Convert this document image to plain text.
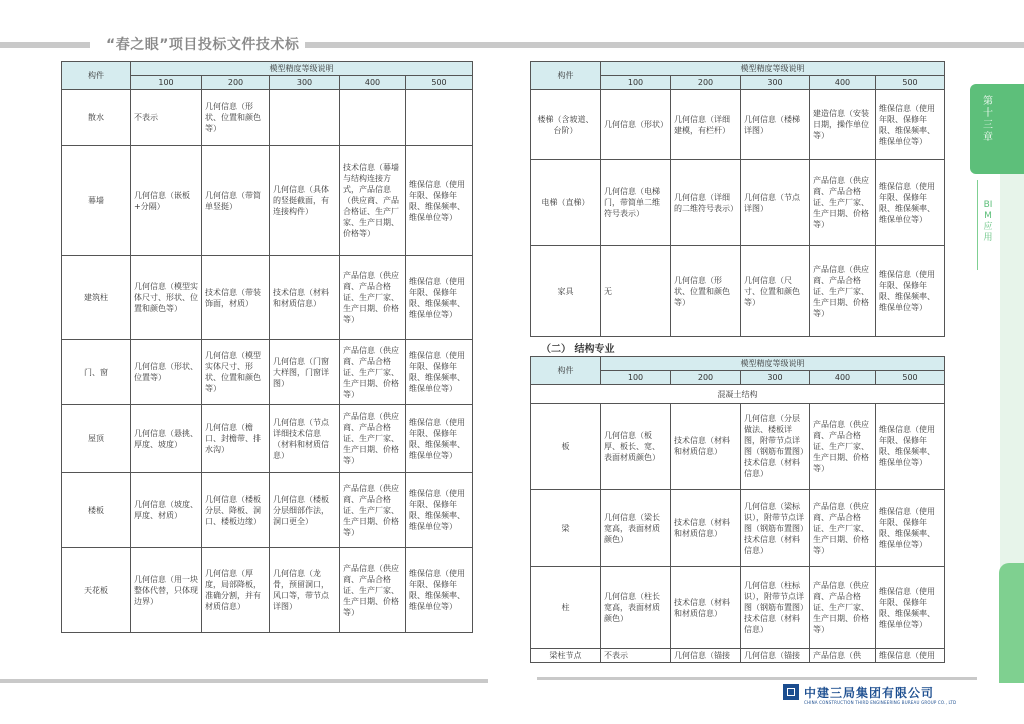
“春之眼”项目投标文件技术标
构件	模型精度等级说明				
	100	200	300	400	500
散水	不表示	几何信息（形状、位置和颜色等）			
幕墙	几何信息（嵌板+分隔）	几何信息（带简单竖挺）	几何信息（具体的竖挺截面，有连接构件）	技术信息（幕墙与结构连接方式，产品信息（供应商、产品合格证、生产厂家、生产日期、价格等）	维保信息（使用年限、保修年限、维保频率、维保单位等）
建筑柱	几何信息（模型实体尺寸、形状、位置和颜色等）	技术信息（带装饰面，材质）	技术信息（材料和材质信息）	产品信息（供应商、产品合格证、生产厂家、生产日期、价格等）	维保信息（使用年限、保修年限、维保频率、维保单位等）
门、窗	几何信息（形状、位置等）	几何信息（模型实体尺寸、形状、位置和颜色等）	几何信息（门窗大样图，门窗详图）	产品信息（供应商、产品合格证、生产厂家、生产日期、价格等）	维保信息（使用年限、保修年限、维保频率、维保单位等）
屋顶	几何信息（悬挑、厚度、坡度）	几何信息（檐口、封檐带、排水沟）	几何信息（节点详细技术信息（材料和材质信息）	产品信息（供应商、产品合格证、生产厂家、生产日期、价格等）	维保信息（使用年限、保修年限、维保频率、维保单位等）
楼板	几何信息（坡度、厚度、材质）	几何信息（楼板分层、降板、洞口、楼板边缘）	几何信息（楼板分层细部作法，洞口更全）	产品信息（供应商、产品合格证、生产厂家、生产日期、价格等）	维保信息（使用年限、保修年限、维保频率、维保单位等）
天花板	几何信息（用一块整体代替，只体现边界）	几何信息（厚度，局部降板，准确分割，并有材质信息）	几何信息（龙骨，预留洞口，风口等，带节点详图）	产品信息（供应商、产品合格证、生产厂家、生产日期、价格等）	维保信息（使用年限、保修年限、维保频率、维保单位等）
构件	模型精度等级说明				
	100	200	300	400	500
楼梯（含坡道、台阶）	几何信息（形状）	几何信息（详细建模，有栏杆）	几何信息（楼梯详图）	建造信息（安装日期，操作单位等）	维保信息（使用年限、保修年限、维保频率、维保单位等）
电梯（直梯）	几何信息（电梯门，带简单二维符号表示）	几何信息（详细的二维符号表示）	几何信息（节点详图）	产品信息（供应商、产品合格证、生产厂家、生产日期、价格等）	维保信息（使用年限、保修年限、维保频率、维保单位等）
家具	无	几何信息（形状、位置和颜色等）	几何信息（尺寸、位置和颜色等）	产品信息（供应商、产品合格证、生产厂家、生产日期、价格等）	维保信息（使用年限、保修年限、维保频率、维保单位等）
（二） 结构专业
构件	模型精度等级说明				
	100	200	300	400	500
混凝土结构					
板	几何信息（板厚、板长、宽、表面材质颜色）	技术信息（材料和材质信息）	几何信息（分层做法、楼板详图，附带节点详图（钢筋布置图）技术信息（材料信息）	产品信息（供应商、产品合格证、生产厂家、生产日期、价格等）	维保信息（使用年限、保修年限、维保频率、维保单位等）
梁	几何信息（梁长宽高，表面材质颜色）	技术信息（材料和材质信息）	几何信息（梁标识），附带节点详图（钢筋布置图）技术信息（材料信息）	产品信息（供应商、产品合格证、生产厂家、生产日期、价格等）	维保信息（使用年限、保修年限、维保频率、维保单位等）
柱	几何信息（柱长宽高，表面材质颜色）	技术信息（材料和材质信息）	几何信息（柱标识），附带节点详图（钢筋布置图）技术信息（材料信息）	产品信息（供应商、产品合格证、生产厂家、生产日期、价格等）	维保信息（使用年限、保修年限、维保频率、维保单位等）
梁柱节点	不表示	几何信息（锚接	几何信息（锚接	产品信息（供	维保信息（使用
第十三章
BIM应用
中建三局集团有限公司
CHINA CONSTRUCTION THIRD ENGINEERING BUREAU GROUP CO., LTD
